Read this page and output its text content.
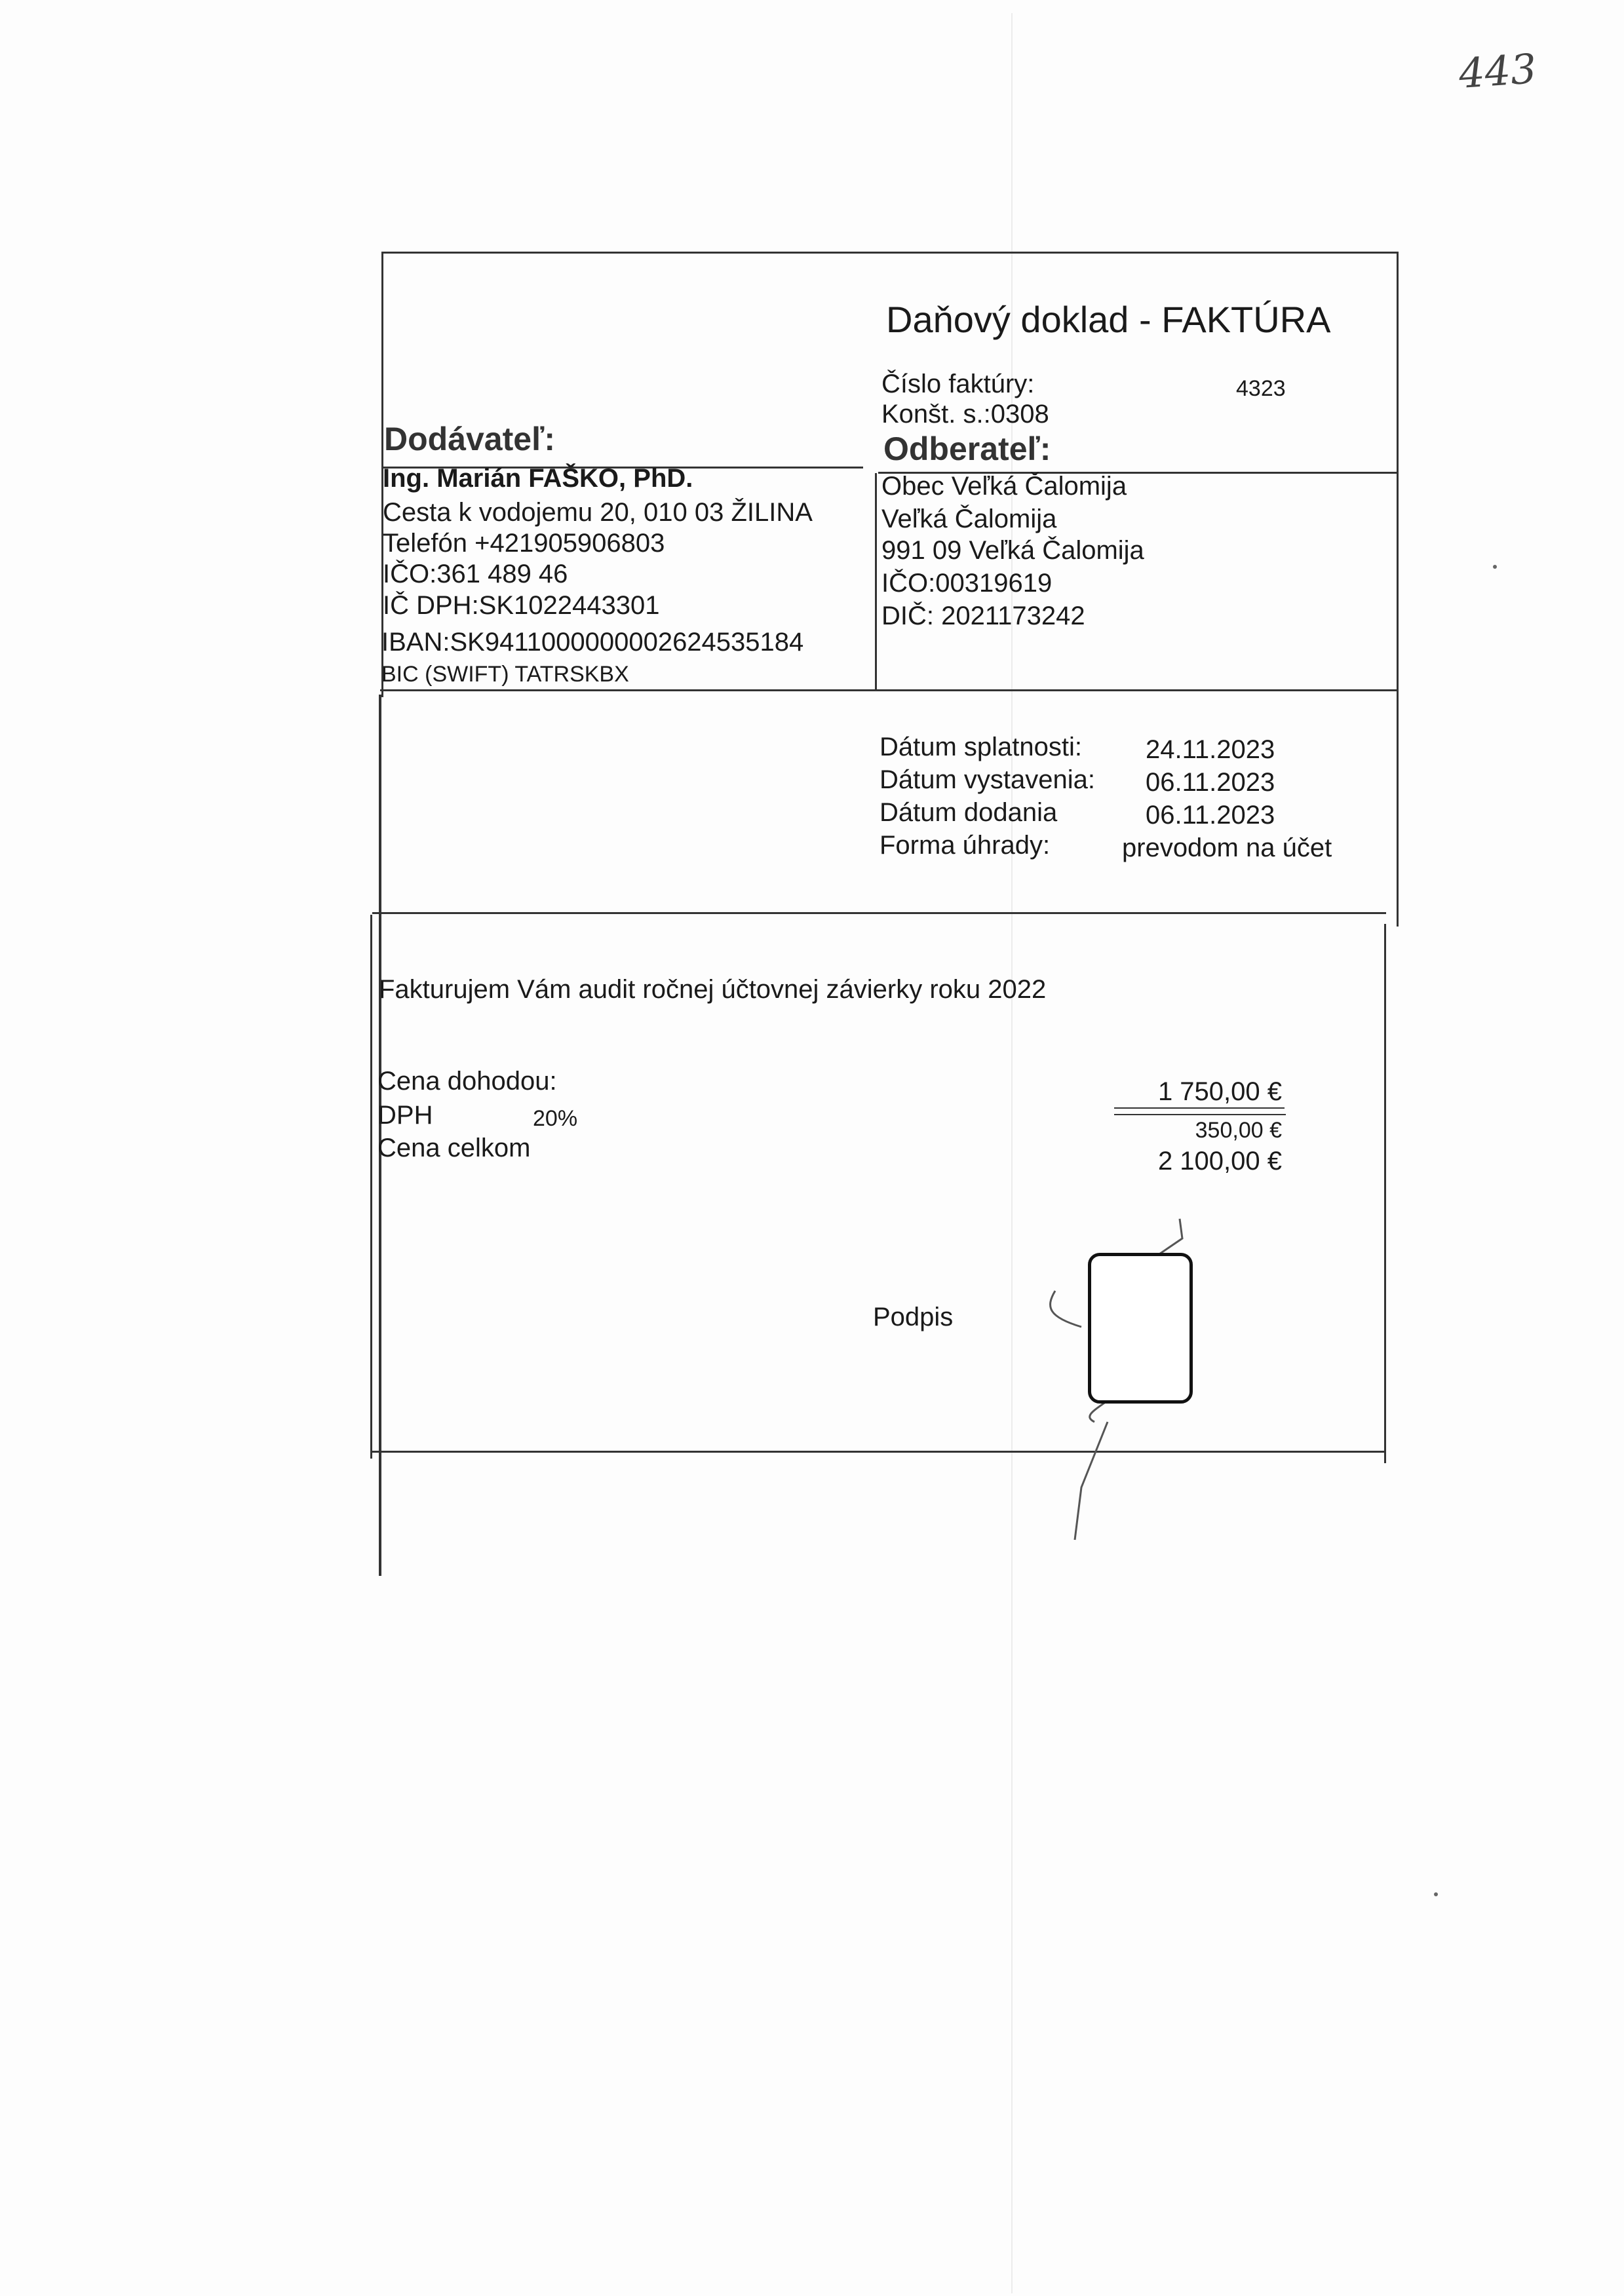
443
Daňový doklad - FAKTÚRA
Číslo faktúry:	4323
Konšt. s.:0308
Dodávateľ:
Ing. Marián FAŠKO, PhD.
Cesta k vodojemu 20, 010 03 ŽILINA
Telefón +421905906803
IČO:361 489 46
IČ DPH:SK1022443301
IBAN:SK9411000000002624535184
BIC (SWIFT) TATRSKBX
Odberateľ:
Obec Veľká Čalomija
Veľká Čalomija
991 09 Veľká Čalomija
IČO:00319619
DIČ: 2021173242
Dátum splatnosti: 24.11.2023
Dátum vystavenia: 06.11.2023
Dátum dodania	06.11.2023
Forma úhrady:	prevodom na účet
Fakturujem Vám audit ročnej účtovnej závierky roku 2022
Cena dohodou:	1 750,00 €
DPH	20%	350,00 €
Cena celkom	2 100,00 €
Podpis
